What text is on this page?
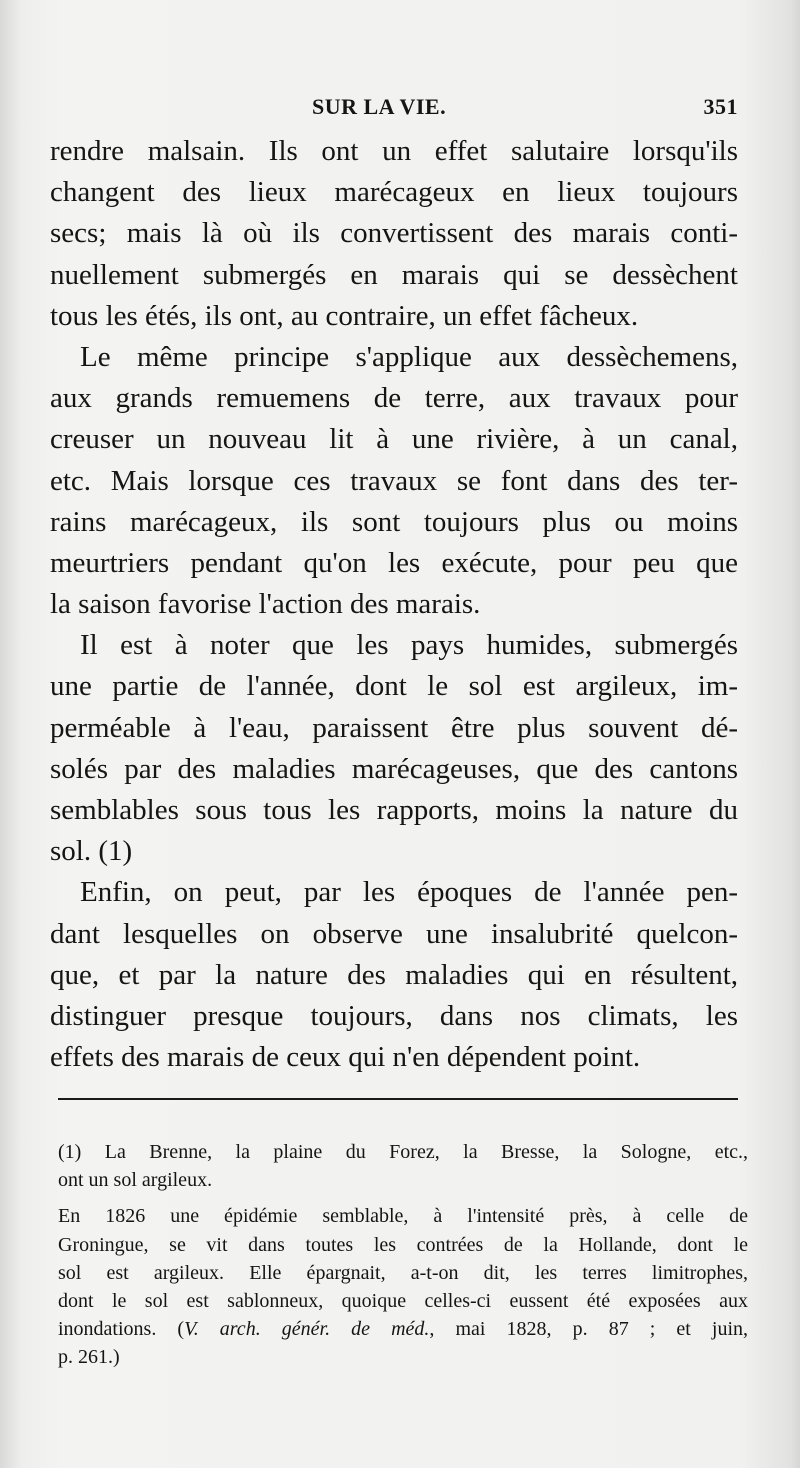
SUR LA VIE.	351
rendre malsain. Ils ont un effet salutaire lorsqu'ils
changent des lieux marécageux en lieux toujours
secs; mais là où ils convertissent des marais conti-
nuellement submergés en marais qui se dessèchent
tous les étés, ils ont, au contraire, un effet fâcheux.
Le même principe s'applique aux dessèchemens,
aux grands remuemens de terre, aux travaux pour
creuser un nouveau lit à une rivière, à un canal,
etc. Mais lorsque ces travaux se font dans des ter-
rains marécageux, ils sont toujours plus ou moins
meurtriers pendant qu'on les exécute, pour peu que
la saison favorise l'action des marais.
Il est à noter que les pays humides, submergés
une partie de l'année, dont le sol est argileux, im-
perméable à l'eau, paraissent être plus souvent dé-
solés par des maladies marécageuses, que des cantons
semblables sous tous les rapports, moins la nature du
sol. (1)
Enfin, on peut, par les époques de l'année pen-
dant lesquelles on observe une insalubrité quelcon-
que, et par la nature des maladies qui en résultent,
distinguer presque toujours, dans nos climats, les
effets des marais de ceux qui n'en dépendent point.
(1) La Brenne, la plaine du Forez, la Bresse, la Sologne, etc.,
ont un sol argileux.
En 1826 une épidémie semblable, à l'intensité près, à celle de
Groningue, se vit dans toutes les contrées de la Hollande, dont le
sol est argileux. Elle épargnait, a-t-on dit, les terres limitrophes,
dont le sol est sablonneux, quoique celles-ci eussent été exposées aux
inondations. (V. arch. génér. de méd., mai 1828, p. 87 ; et juin,
p. 261.)
